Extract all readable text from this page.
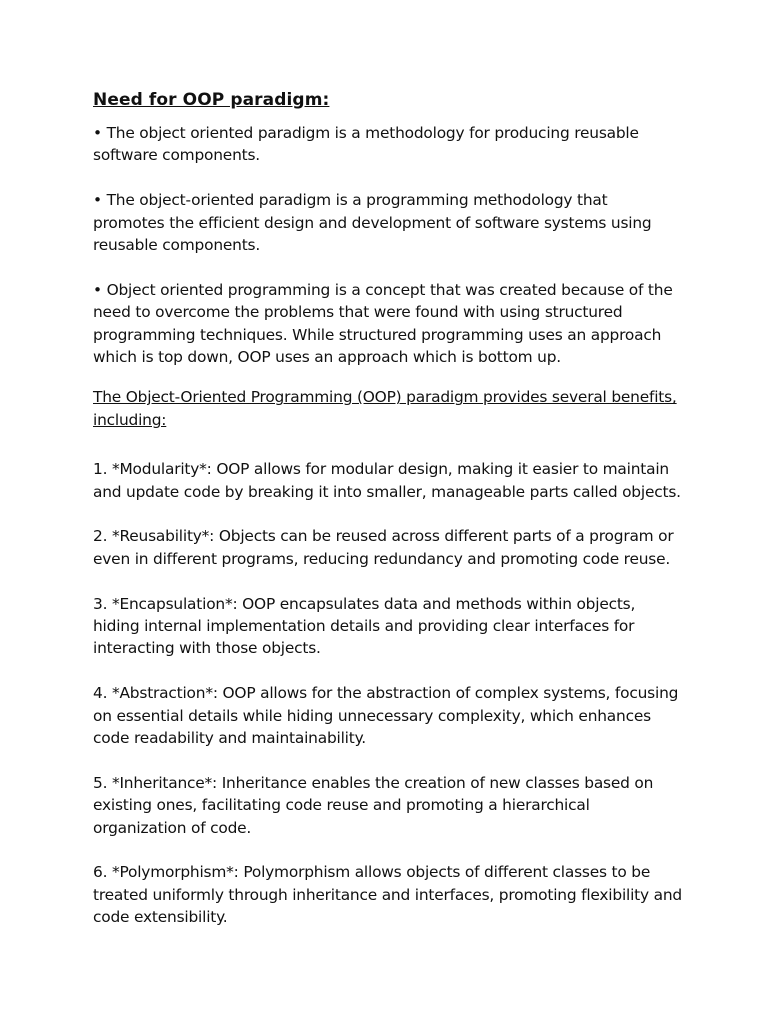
Need for OOP paradigm:

• The object oriented paradigm is a methodology for producing reusable software components.

• The object-oriented paradigm is a programming methodology that promotes the efficient design and development of software systems using reusable components.

• Object oriented programming is a concept that was created because of the need to overcome the problems that were found with using structured programming techniques. While structured programming uses an approach which is top down, OOP uses an approach which is bottom up.

The Object-Oriented Programming (OOP) paradigm provides several benefits, including:

1. *Modularity*: OOP allows for modular design, making it easier to maintain and update code by breaking it into smaller, manageable parts called objects.

2. *Reusability*: Objects can be reused across different parts of a program or even in different programs, reducing redundancy and promoting code reuse.

3. *Encapsulation*: OOP encapsulates data and methods within objects, hiding internal implementation details and providing clear interfaces for interacting with those objects.

4. *Abstraction*: OOP allows for the abstraction of complex systems, focusing on essential details while hiding unnecessary complexity, which enhances code readability and maintainability.

5. *Inheritance*: Inheritance enables the creation of new classes based on existing ones, facilitating code reuse and promoting a hierarchical organization of code.

6. *Polymorphism*: Polymorphism allows objects of different classes to be treated uniformly through inheritance and interfaces, promoting flexibility and code extensibility.
